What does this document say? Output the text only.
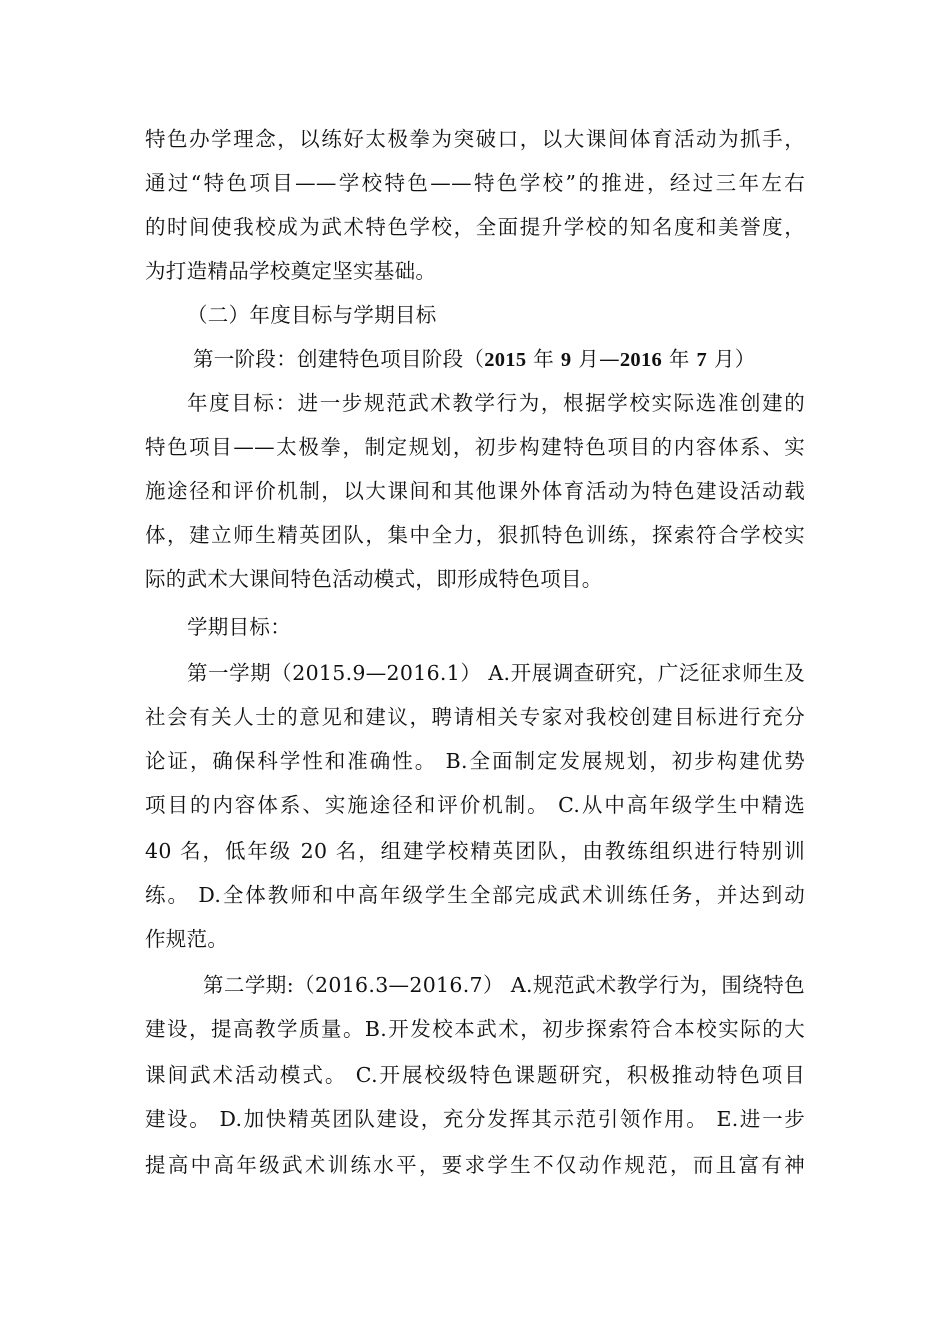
特色办学理念，以练好太极拳为突破口，以大课间体育活动为抓手，
通过“特色项目——学校特色——特色学校”的推进，经过三年左右
的时间使我校成为武术特色学校，全面提升学校的知名度和美誉度，
为打造精品学校奠定坚实基础。
（二）年度目标与学期目标
第一阶段：创建特色项目阶段（2015 年 9 月—2016 年 7 月）
年度目标：进一步规范武术教学行为，根据学校实际选准创建的
特色项目——太极拳，制定规划，初步构建特色项目的内容体系、实
施途径和评价机制，以大课间和其他课外体育活动为特色建设活动载
体，建立师生精英团队，集中全力，狠抓特色训练，探索符合学校实
际的武术大课间特色活动模式，即形成特色项目。
学期目标：
第一学期（2015.9—2016.1） A.开展调查研究，广泛征求师生及
社会有关人士的意见和建议，聘请相关专家对我校创建目标进行充分
论证，确保科学性和准确性。 B.全面制定发展规划，初步构建优势
项目的内容体系、实施途径和评价机制。 C.从中高年级学生中精选
40 名，低年级 20 名，组建学校精英团队，由教练组织进行特别训
练。 D.全体教师和中高年级学生全部完成武术训练任务，并达到动
作规范。
第二学期:（2016.3—2016.7） A.规范武术教学行为，围绕特色
建设，提高教学质量。B.开发校本武术，初步探索符合本校实际的大
课间武术活动模式。 C.开展校级特色课题研究，积极推动特色项目
建设。 D.加快精英团队建设，充分发挥其示范引领作用。 E.进一步
提高中高年级武术训练水平，要求学生不仅动作规范，而且富有神
